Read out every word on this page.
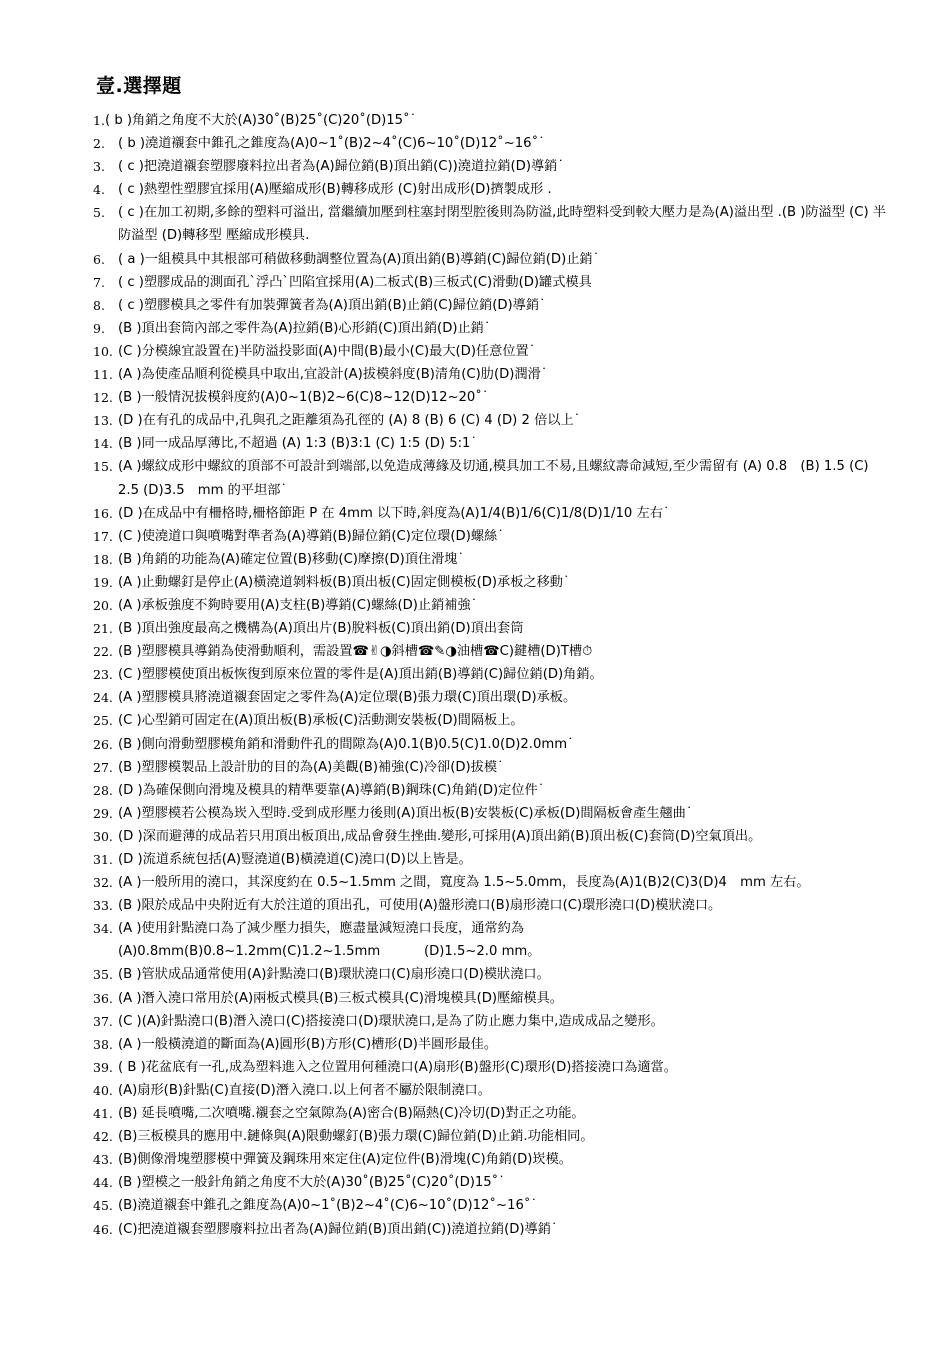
壹.選擇題
1. ( b )角銷之角度不大於(A)30˚(B)25˚(C)20˚(D)15˚˙
2. ( b )澆道襯套中錐孔之錐度為(A)0~1˚(B)2~4˚(C)6~10˚(D)12˚~16˚˙
3. ( c )把澆道襯套塑膠廢料拉出者為(A)歸位銷(B)頂出銷(C))澆道拉銷(D)導銷˙
4. ( c )熱塑性塑膠宜採用(A)壓縮成形(B)轉移成形 (C)射出成形(D)擠製成形 .
5. ( c )在加工初期,多餘的塑料可溢出, 當繼續加壓到柱塞封閉型腔後則為防溢,此時塑料受到較大壓力是為(A)溢出型 .(B )防溢型 (C) 半防溢型 (D)轉移型 壓縮成形模具.
6. ( a )一組模具中其根部可稍做移動調整位置為(A)頂出銷(B)導銷(C)歸位銷(D)止銷˙
7. ( c )塑膠成品的測面孔`浮凸`凹陷宜採用(A)二板式(B)三板式(C)滑動(D)罐式模具
8. ( c )塑膠模具之零件有加裝彈簧者為(A)頂出銷(B)止銷(C)歸位銷(D)導銷˙
9. (B )頂出套筒內部之零件為(A)拉銷(B)心形銷(C)頂出銷(D)止銷˙
10. (C )分模線宜設置在)半防溢投影面(A)中間(B)最小(C)最大(D)任意位置˙
11. (A )為使產品順利從模具中取出,宜設計(A)拔模斜度(B)清角(C)肋(D)潤滑˙
12. (B )一般情況拔模斜度約(A)0~1(B)2~6(C)8~12(D)12~20˚˙
13. (D )在有孔的成品中,孔與孔之距離須為孔徑的 (A) 8 (B) 6 (C) 4 (D) 2 倍以上˙
14. (B )同一成品厚薄比,不超過 (A) 1:3 (B)3:1 (C) 1:5 (D) 5:1˙
15. (A )螺紋成形中螺紋的頂部不可設計到端部,以免造成薄緣及切通,模具加工不易,且螺紋壽命減短,至少需留有 (A) 0.8　(B) 1.5 (C) 2.5 (D)3.5　mm 的平坦部˙
16. (D )在成品中有柵格時,柵格節距 P 在 4mm 以下時,斜度為(A)1/4(B)1/6(C)1/8(D)1/10 左右˙
17. (C )使澆道口與噴嘴對準者為(A)導銷(B)歸位銷(C)定位環(D)螺絲˙
18. (B )角銷的功能為(A)確定位置(B)移動(C)摩擦(D)頂住滑塊˙
19. (A )止動螺釘是停止(A)橫澆道剝料板(B)頂出板(C)固定側模板(D)承板之移動˙
20. (A )承板強度不夠時要用(A)支柱(B)導銷(C)螺絲(D)止銷補強˙
21. (B )頂出強度最高之機構為(A)頂出片(B)脫料板(C)頂出銷(D)頂出套筒
22. (B )塑膠模具導銷為使滑動順利，需設置☎✌︎◑斜槽☎✎◑油槽☎C)鍵槽(D)T槽⏱
23. (C )塑膠模使頂出板恢復到原來位置的零件是(A)頂出銷(B)導銷(C)歸位銷(D)角銷。
24. (A )塑膠模具將澆道襯套固定之零件為(A)定位環(B)張力環(C)頂出環(D)承板。
25. (C )心型銷可固定在(A)頂出板(B)承板(C)活動測安裝板(D)間隔板上。
26. (B )側向滑動塑膠模角銷和滑動件孔的間隙為(A)0.1(B)0.5(C)1.0(D)2.0mm˙
27. (B )塑膠模製品上設計肋的目的為(A)美觀(B)補強(C)冷卻(D)拔模˙
28. (D )為確保側向滑塊及模具的精準要靠(A)導銷(B)鋼珠(C)角銷(D)定位件˙
29. (A )塑膠模若公模為崁入型時.受到成形壓力後則(A)頂出板(B)安裝板(C)承板(D)間隔板會產生翹曲˙
30. (D )深而避薄的成品若只用頂出板頂出,成品會發生挫曲.變形,可採用(A)頂出銷(B)頂出板(C)套筒(D)空氣頂出。
31. (D )流道系統包括(A)豎澆道(B)橫澆道(C)澆口(D)以上皆是。
32. (A )一般所用的澆口，其深度約在 0.5~1.5mm 之間，寬度為 1.5~5.0mm，長度為(A)1(B)2(C)3(D)4　mm 左右。
33. (B )限於成品中央附近有大於注道的頂出孔，可使用(A)盤形澆口(B)扇形澆口(C)環形澆口(D)模狀澆口。
34. (A )使用針點澆口為了減少壓力損失，應盡量減短澆口長度，通常約為
(A)0.8mm(B)0.8~1.2mm(C)1.2~1.5mm　　　 (D)1.5~2.0 mm。
35. (B )管狀成品通常使用(A)針點澆口(B)環狀澆口(C)扇形澆口(D)模狀澆口。
36. (A )潛入澆口常用於(A)兩板式模具(B)三板式模具(C)滑塊模具(D)壓縮模具。
37. (C )(A)針點澆口(B)潛入澆口(C)搭接澆口(D)環狀澆口,是為了防止應力集中,造成成品之變形。
38. (A )一般橫澆道的斷面為(A)圓形(B)方形(C)槽形(D)半圓形最佳。
39. ( B )花盆底有一孔,成為塑料進入之位置用何種澆口(A)扇形(B)盤形(C)環形(D)搭接澆口為適當。
40. (A)扇形(B)針點(C)直接(D)潛入澆口.以上何者不屬於限制澆口。
41. (B) 延長噴嘴,二次噴嘴.襯套之空氣隙為(A)密合(B)隔熱(C)冷切(D)對正之功能。
42. (B)三板模具的應用中.鏈條與(A)限動螺釘(B)張力環(C)歸位銷(D)止銷.功能相同。
43. (B)側像滑塊塑膠模中彈簧及鋼珠用來定住(A)定位件(B)滑塊(C)角銷(D)崁模。
44. (B )塑模之一般針角銷之角度不大於(A)30˚(B)25˚(C)20˚(D)15˚˙
45. (B)澆道襯套中錐孔之錐度為(A)0~1˚(B)2~4˚(C)6~10˚(D)12˚~16˚˙
46. (C)把澆道襯套塑膠廢料拉出者為(A)歸位銷(B)頂出銷(C))澆道拉銷(D)導銷˙
